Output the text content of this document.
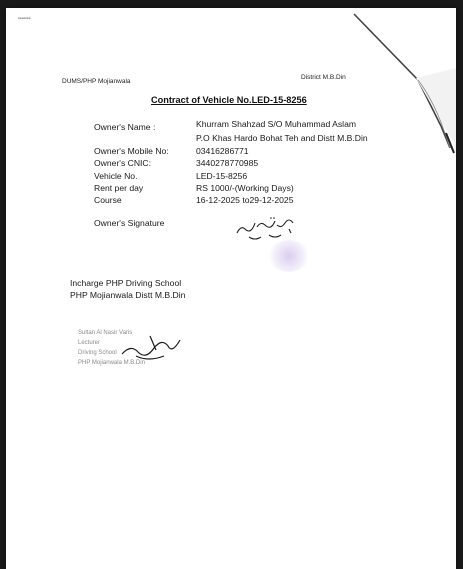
■■■■■■■
DUMS/PHP Mojianwala
District M.B.Din
Contract of Vehicle No.LED-15-8256
Owner's Name :	Khurram Shahzad S/O Muhammad Aslam
P.O Khas Hardo Bohat Teh and Distt M.B.Din
Owner's Mobile No:	03416286771
Owner's CNIC:	3440278770985
Vehicle No.	LED-15-8256
Rent per day	RS 1000/-(Working Days)
Course	16-12-2025 to29-12-2025
Owner's Signature
Incharge PHP Driving School
PHP Mojianwala Distt M.B.Din
Sultan Al Nasir Varis
Lecturer
Driving School
PHP Mojianwala M.B.Din
